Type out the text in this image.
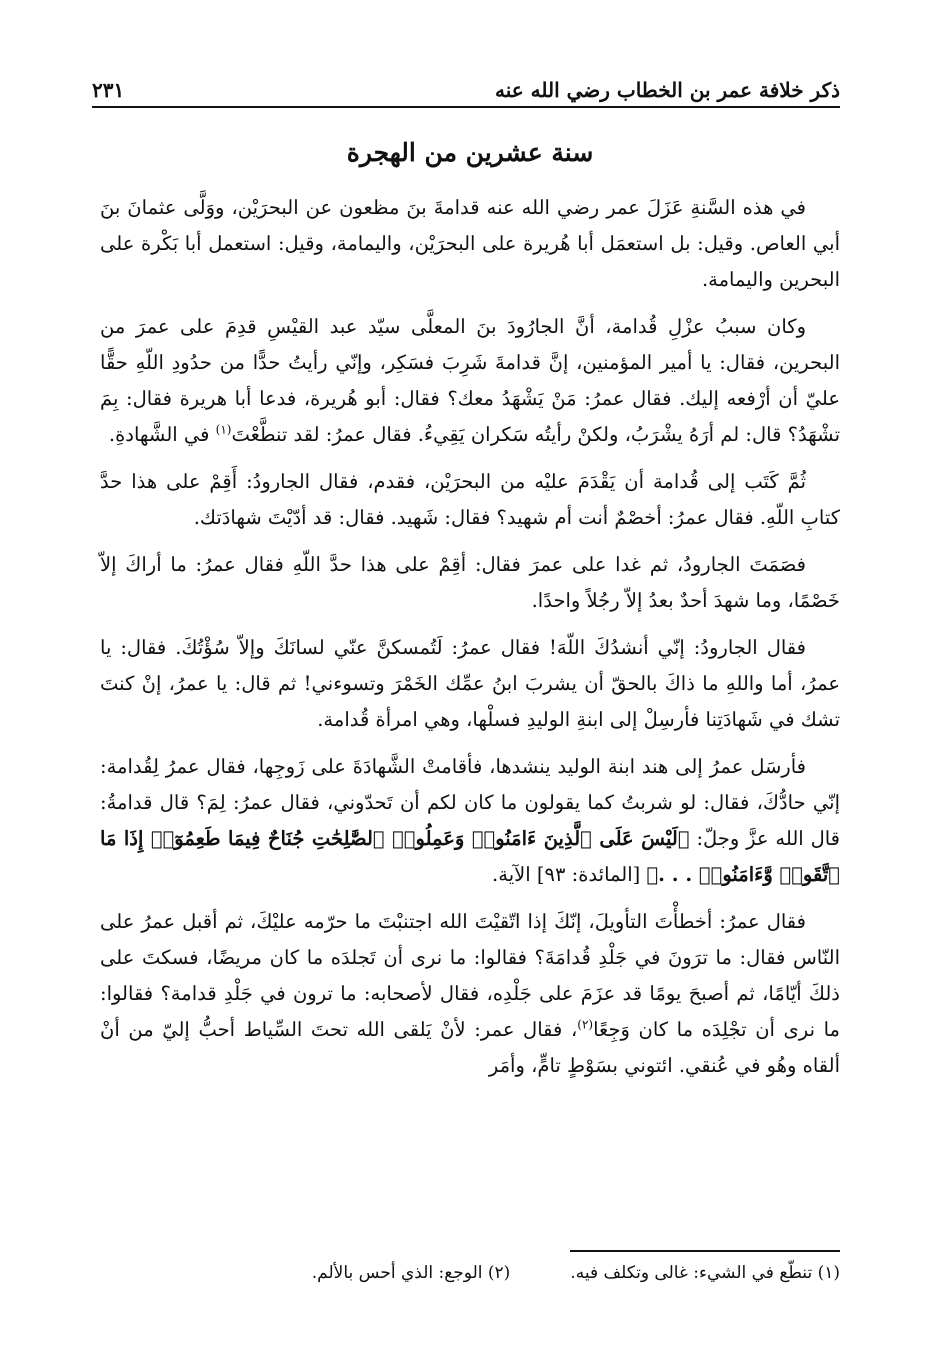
ذكر خلافة عمر بن الخطاب رضي الله عنه
٢٣١
سنة عشرين من الهجرة

في هذه السَّنةِ عَزَلَ عمر رضي الله عنه قدامةَ بنَ مظعون عن البحرَيْن، ووَلَّى عثمانَ بنَ أبي العاص. وقيل: بل استعمَل أبا هُريرة على البحرَيْن، واليمامة، وقيل: استعمل أبا بَكْرة على البحرين واليمامة.

وكان سببُ عزْلِ قُدامة، أنَّ الجارُودَ بنَ المعلَّى سيّد عبد القيْسِ قدِمَ على عمرَ من البحرين، فقال: يا أمير المؤمنين، إنَّ قدامةَ شَرِبَ فسَكِر، وإنّي رأيتُ حدًّا من حدُودِ اللّهِ حقًّا عليّ أن أرْفعه إليك. فقال عمرُ: مَنْ يَشْهَدُ معك؟ فقال: أبو هُريرة، فدعا أبا هريرة فقال: بِمَ تشْهَدُ؟ قال: لم أرَهُ يشْرَبُ، ولكنْ رأيتُه سَكران يَقِيءُ. فقال عمرُ: لقد تنطَّعْتَ$^{(١)}$ في الشَّهادةِ.

ثُمَّ كَتَب إلى قُدامة أن يَقْدَمَ عليْه من البحرَيْن، فقدم، فقال الجارودُ: أَقِمْ على هذا حدَّ كتابِ اللّهِ. فقال عمرُ: أخصْمٌ أنت أم شهيد؟ فقال: شَهيد. فقال: قد أدّيْتَ شهادَتك.

فصَمَتَ الجارودُ، ثم غدا على عمرَ فقال: أقِمْ على هذا حدَّ اللّهِ فقال عمرُ: ما أراكَ إلاّ خَصْمًا، وما شهدَ أحدٌ بعدُ إلاّ رجُلاً واحدًا.

فقال الجارودُ: إنّي أنشدُكَ اللّهَ! فقال عمرُ: لَتُمسكنَّ عنّي لسانَكَ وإلاّ سُؤْتُكَ. فقال: يا عمرُ، أما واللهِ ما ذاكَ بالحقّ أن يشربَ ابنُ عمِّك الخَمْرَ وتسوءني! ثم قال: يا عمرُ، إنْ كنتَ تشك في شَهادَتِنا فأرسِلْ إلى ابنةِ الوليدِ فسلْها، وهي امرأة قُدامة.

فأرسَل عمرُ إلى هند ابنة الوليد ينشدها، فأقامتْ الشَّهادَةَ على زَوجِها، فقال عمرُ لِقُدامة: إنّي حادُّكَ، فقال: لو شربتُ كما يقولون ما كان لكم أن تَحدّوني، فقال عمرُ: لِمَ؟ قال قدامةُ: قال الله عزَّ وجلّ: ﴿لَيْسَ عَلَى ٱلَّذِينَ ءَامَنُوا۟ وَعَمِلُوا۟ ٱلصَّٰلِحَٰتِ جُنَاحٌ فِيمَا طَعِمُوٓا۟ إِذَا مَا ٱتَّقَوا۟ وَّءَامَنُوا۟ . . .﴾ [المائدة: ٩٣] الآية.

فقال عمرُ: أخطأْتَ التأويلَ، إنّكَ إذا اتّقيْتَ الله اجتنبْتَ ما حرّمه عليْكَ، ثم أقبل عمرُ على النّاس فقال: ما ترَونَ في جَلْدِ قُدامَةَ؟ فقالوا: ما نرى أن تَجلدَه ما كان مريضًا، فسكتَ على ذلكَ أيّامًا، ثم أصبحَ يومًا قد عزَمَ على جَلْدِه، فقال لأصحابه: ما ترون في جَلْدِ قدامة؟ فقالوا: ما نرى أن تجْلِدَه ما كان وَجِعًا$^{(٢)}$، فقال عمر: لأنْ يَلقى الله تحتَ السِّياط أحبُّ إليّ من أنْ ألقاه وهُو في عُنقي. ائتوني بسَوْطٍ تامٍّ، وأمَر

(١) تنطّع في الشيء: غالى وتكلف فيه.
(٢) الوجع: الذي أحس بالألم.
